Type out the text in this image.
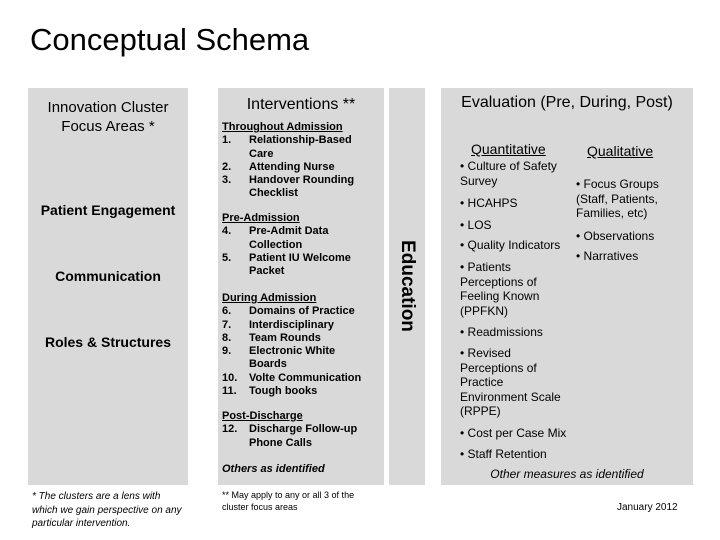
Conceptual Schema
Innovation Cluster Focus Areas *
Patient Engagement
Communication
Roles & Structures
* The clusters are a lens with which we gain perspective on any particular intervention.
Interventions **
Throughout Admission
1.	Relationship-Based Care
2.	Attending Nurse
3.	Handover Rounding Checklist
Pre-Admission
4.	Pre-Admit Data Collection
5.	Patient IU Welcome Packet
During Admission
6.	Domains of Practice
7.	Interdisciplinary
8.	Team Rounds
9.	Electronic White Boards
10.	Volte Communication
11.	Tough books
Post-Discharge
12.	Discharge Follow-up Phone Calls
Others as identified
** May apply to any or all 3 of the cluster focus areas
Education
Evaluation (Pre, During, Post)
Quantitative	Qualitative
• Culture of Safety Survey
• HCAHPS
• LOS
• Quality Indicators
• Patients Perceptions of Feeling Known (PPFKN)
• Readmissions
• Revised Perceptions of Practice Environment Scale (RPPE)
• Cost per Case Mix
• Staff Retention
• Focus Groups (Staff, Patients, Families, etc)
• Observations
• Narratives
Other measures as identified
January 2012
